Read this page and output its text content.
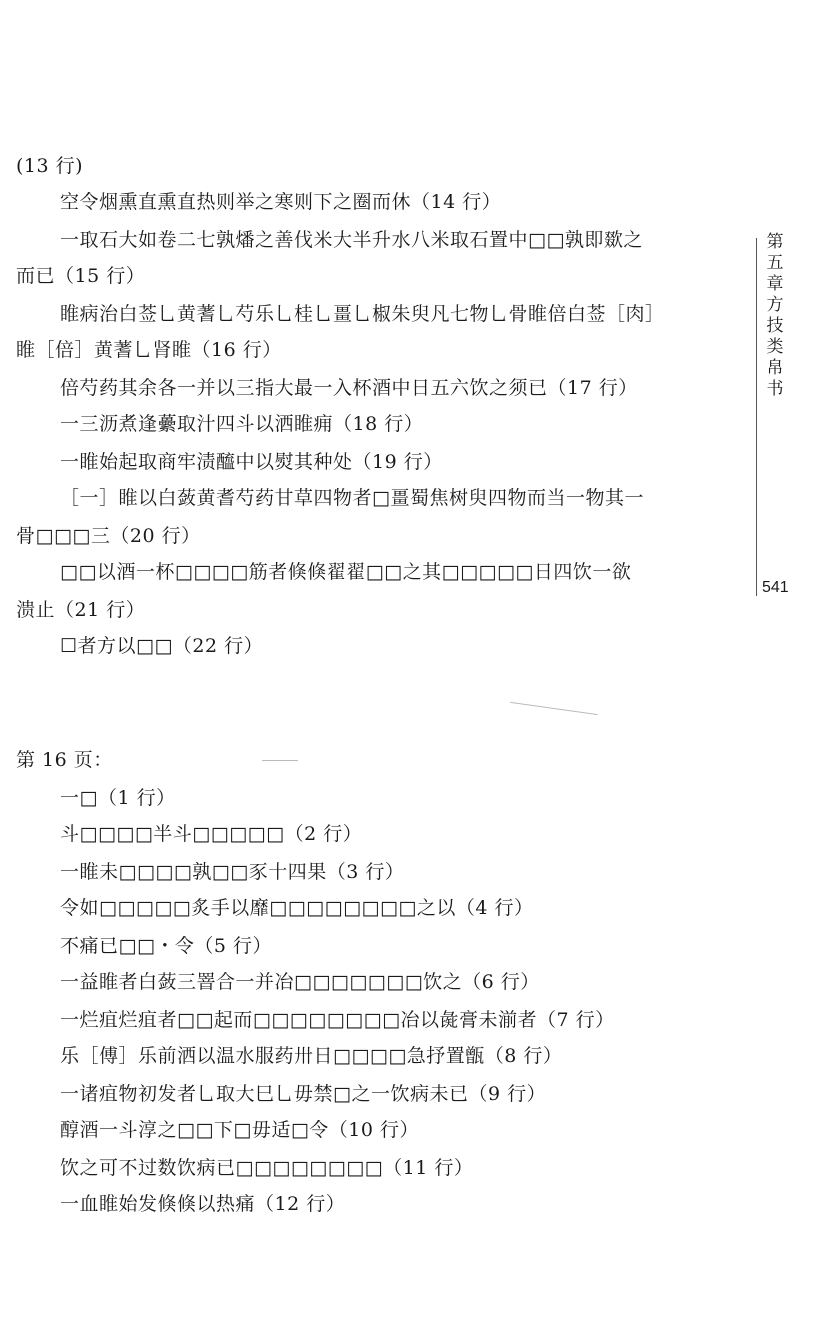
(13 行)
空令烟熏直熏直热则举之寒则下之圈而休（14 行）
一取石大如卷二七孰燔之善伐米大半升水八米取石置中□□孰即欼之
而已（15 行）
睢病治白莶乚黄蓍乚芍乐乚桂乚畺乚椒朱臾凡七物乚骨睢倍白莶［肉］
睢［倍］黄蓍乚肾睢（16 行）
倍芍药其余各一并以三指大最一入杯酒中日五六饮之须已（17 行）
一三沥煮逢虆取汁四斗以洒睢痈（18 行）
一睢始起取商牢渍醯中以熨其种处（19 行）
［一］睢以白蔹黄耆芍药甘草四物者□畺蜀焦树臾四物而当一物其一
骨□□□三（20 行）
□□以酒一杯□□□□筋者倏倏翟翟□□之其□□□□□日四饮一欲
溃止（21 行）
☐者方以□□（22 行）
第 16 页：
一□（1 行）
斗□□□□半斗□□□□□（2 行）
一睢未□□□□孰□□豕十四果（3 行）
令如□□□□□炙手以靡□□□□□□□□之以（4 行）
不痛已□□・令（5 行）
一益睢者白蔹三罯合一并冶□□□□□□□饮之（6 行）
一烂疽烂疽者□□起而□□□□□□□□冶以彘膏未湔者（7 行）
乐［傅］乐前洒以温水服药卅日□□□□急抒置甑（8 行）
一诸疽物初发者乚取大巳乚毋禁□之一饮病未已（9 行）
醇酒一斗淳之□□下□毋适□令（10 行）
饮之可不过数饮病已□□□□□□□□（11 行）
一血睢始发倏倏以热痛（12 行）
第五章　方技类帛书
541
